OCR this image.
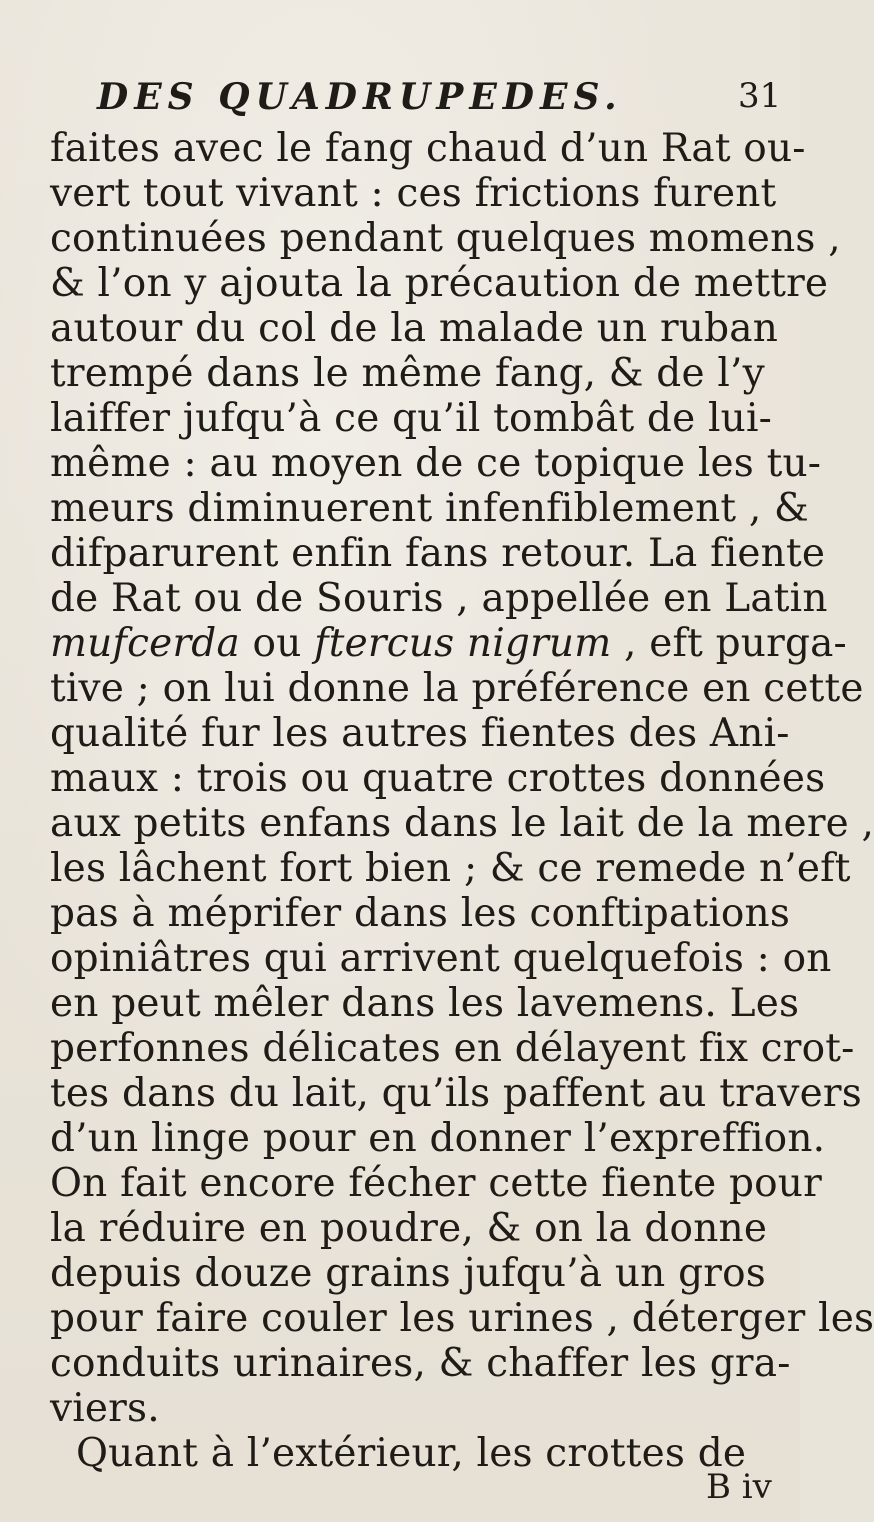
DES QUADRUPEDES.	31
faites avec le fang chaud d’un Rat ou-
vert tout vivant : ces frictions furent
continuées pendant quelques momens ,
& l’on y ajouta la précaution de mettre
autour du col de la malade un ruban
trempé dans le même fang, & de l’y
laiffer jufqu’à ce qu’il tombât de lui-
même : au moyen de ce topique les tu-
meurs diminuerent infenfiblement , &
difparurent enfin fans retour. La fiente
de Rat ou de Souris , appellée en Latin
mufcerda ou ftercus nigrum , eft purga-
tive ; on lui donne la préférence en cette
qualité fur les autres fientes des Ani-
maux : trois ou quatre crottes données
aux petits enfans dans le lait de la mere ,
les lâchent fort bien ; & ce remede n’eft
pas à méprifer dans les conftipations
opiniâtres qui arrivent quelquefois : on
en peut mêler dans les lavemens. Les
perfonnes délicates en délayent fix crot-
tes dans du lait, qu’ils paffent au travers
d’un linge pour en donner l’expreffion.
On fait encore fécher cette fiente pour
la réduire en poudre, & on la donne
depuis douze grains jufqu’à un gros
pour faire couler les urines , déterger les
conduits urinaires, & chaffer les gra-
viers.
Quant à l’extérieur, les crottes de
B iv
